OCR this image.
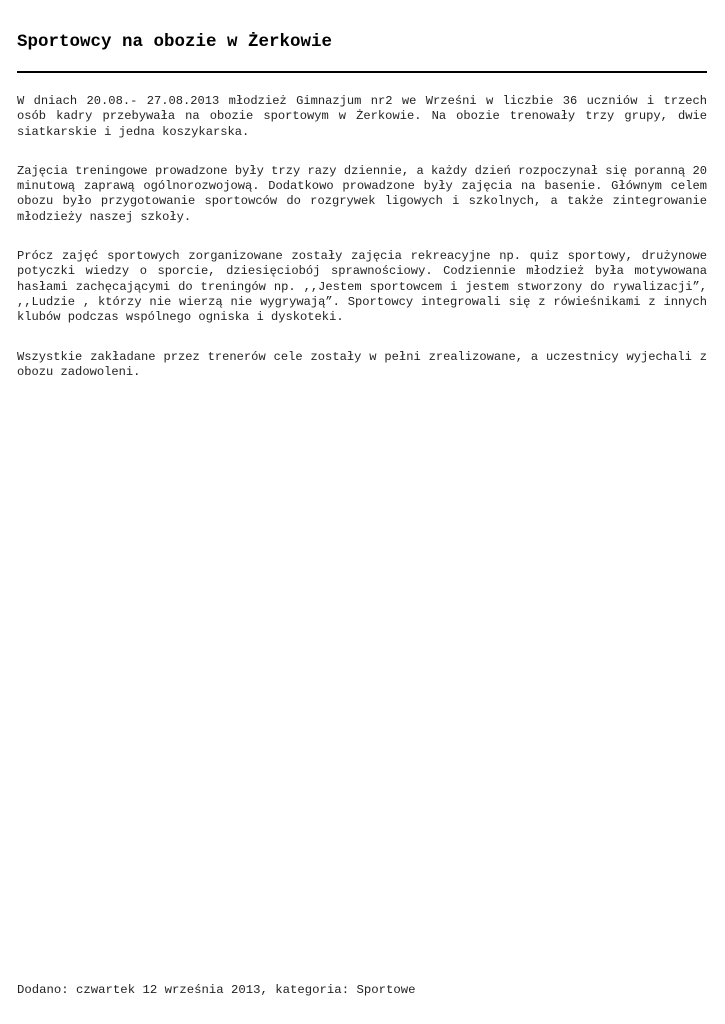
Sportowcy na obozie w Żerkowie

W dniach 20.08.- 27.08.2013 młodzież Gimnazjum nr2 we Wrześni w liczbie 36 uczniów i trzech osób kadry przebywała na obozie sportowym w Żerkowie. Na obozie trenowały trzy grupy, dwie siatkarskie i jedna koszykarska.

Zajęcia treningowe prowadzone były trzy razy dziennie, a każdy dzień rozpoczynał się poranną 20 minutową zaprawą ogólnorozwojową. Dodatkowo prowadzone były zajęcia na basenie. Głównym celem obozu było przygotowanie sportowców do rozgrywek ligowych i szkolnych, a także zintegrowanie młodzieży naszej szkoły.

Prócz zajęć sportowych zorganizowane zostały zajęcia rekreacyjne np. quiz sportowy, drużynowe potyczki wiedzy o sporcie, dziesięciobój sprawnościowy. Codziennie młodzież była motywowana hasłami zachęcającymi do treningów np. ,,Jestem sportowcem i jestem stworzony do rywalizacji”, ,,Ludzie , którzy nie wierzą nie wygrywają”. Sportowcy integrowali się z rówieśnikami z innych klubów podczas wspólnego ogniska i dyskoteki.

Wszystkie zakładane przez trenerów cele zostały w pełni zrealizowane, a uczestnicy wyjechali z obozu zadowoleni.

Dodano: czwartek 12 września 2013, kategoria: Sportowe
